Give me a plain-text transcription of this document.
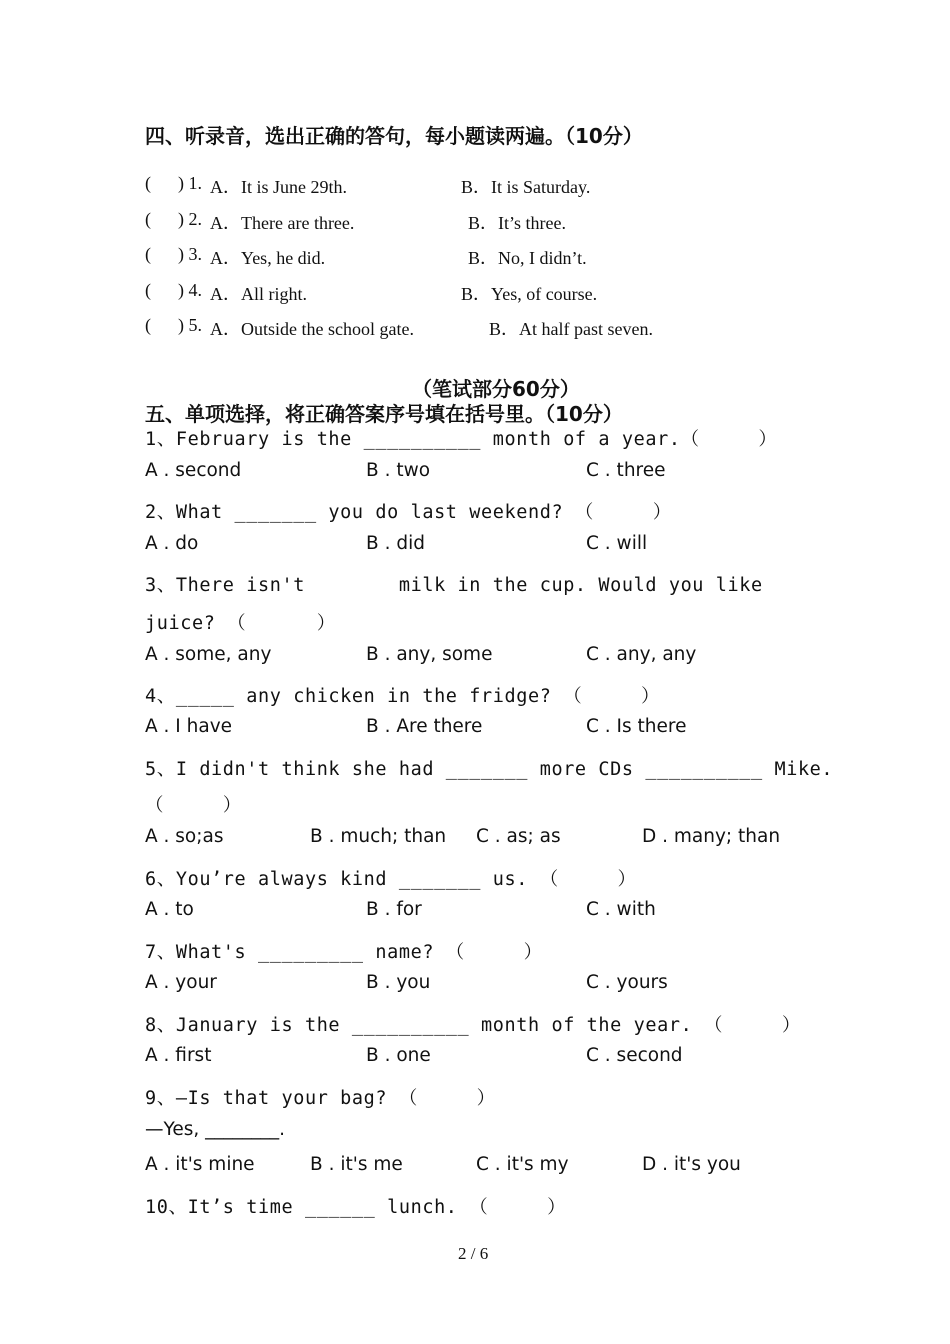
四、听录音，选出正确的答句，每小题读两遍。（10分）
(      ) 1. A．It is June 29th.	B．It is Saturday.
(      ) 2. A．There are three.	B．It’s three.
(      ) 3. A．Yes, he did.	B．No, I didn’t.
(      ) 4. A．All right.	B．Yes, of course.
(      ) 5. A．Outside the school gate.	B．At half past seven.
（笔试部分60分）
五、单项选择，将正确答案序号填在括号里。（10分）
1、February is the __________ month of a year.（     ）
A . second	B . two	C . three
2、What _______ you do last weekend? （     ）
A . do	B . did	C . will
3、There isn't        milk in the cup. Would you like
juice? （      ）
A . some, any	B . any, some	C . any, any
4、_____ any chicken in the fridge? （     ）
A . I have	B . Are there	C . Is there
5、I didn't think she had _______ more CDs __________ Mike.
（     ）
A . so;as	B . much; than C . as; as	D . many; than
6、You’re always kind _______ us. （     ）
A . to	B . for	C . with
7、What's _________ name? （     ）
A . your	B . you	C . yours
8、January is the __________ month of the year. （     ）
A . first	B . one	C . second
9、—Is that your bag? （     ）
—Yes, ________.
A . it's mine	B . it's me	C . it's my	D . it's you
10、It’s time ______ lunch. （     ）
2 / 6
